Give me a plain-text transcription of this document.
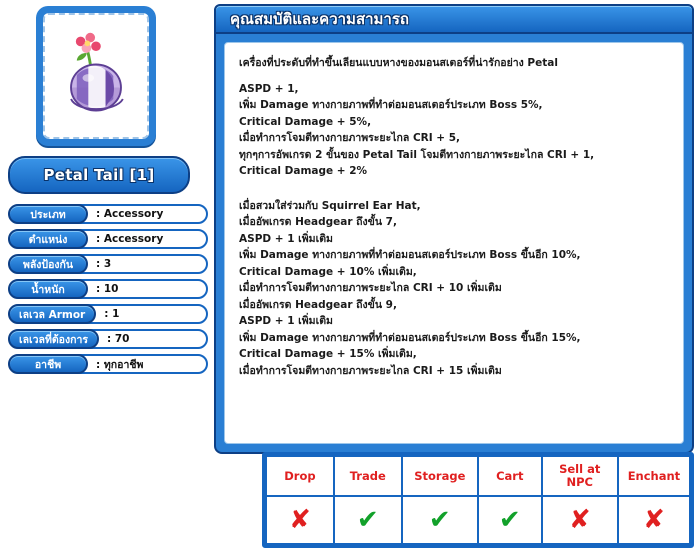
Petal Tail [1]
ประเภท	: Accessory
ตำแหน่ง	: Accessory
พลังป้องกัน	: 3
น้ำหนัก	: 10
เลเวล Armor	: 1
เลเวลที่ต้องการ	: 70
อาชีพ	: ทุกอาชีพ
คุณสมบัติและความสามารถ
เครื่องที่ประดับที่ทำขึ้นเลียนแบบหางของมอนสเตอร์ที่น่ารักอย่าง Petal
ASPD + 1,
เพิ่ม Damage ทางกายภาพที่ทำต่อมอนสเตอร์ประเภท Boss 5%,
Critical Damage + 5%,
เมื่อทำการโจมตีทางกายภาพระยะไกล CRI + 5,
ทุกๆการอัพเกรด 2 ขั้นของ Petal Tail โจมตีทางกายภาพระยะไกล CRI + 1,
Critical Damage + 2%
เมื่อสวมใส่ร่วมกับ Squirrel Ear Hat,
เมื่ออัพเกรด Headgear ถึงขั้น 7,
ASPD + 1 เพิ่มเติม
เพิ่ม Damage ทางกายภาพที่ทำต่อมอนสเตอร์ประเภท Boss ขึ้นอีก 10%,
Critical Damage + 10% เพิ่มเติม,
เมื่อทำการโจมตีทางกายภาพระยะไกล CRI + 10 เพิ่มเติม
เมื่ออัพเกรด Headgear ถึงขั้น 9,
ASPD + 1 เพิ่มเติม
เพิ่ม Damage ทางกายภาพที่ทำต่อมอนสเตอร์ประเภท Boss ขึ้นอีก 15%,
Critical Damage + 15% เพิ่มเติม,
เมื่อทำการโจมตีทางกายภาพระยะไกล CRI + 15 เพิ่มเติม
Drop	Trade	Storage	Cart	Sell at NPC	Enchant
✘	✔	✔	✔	✘	✘
